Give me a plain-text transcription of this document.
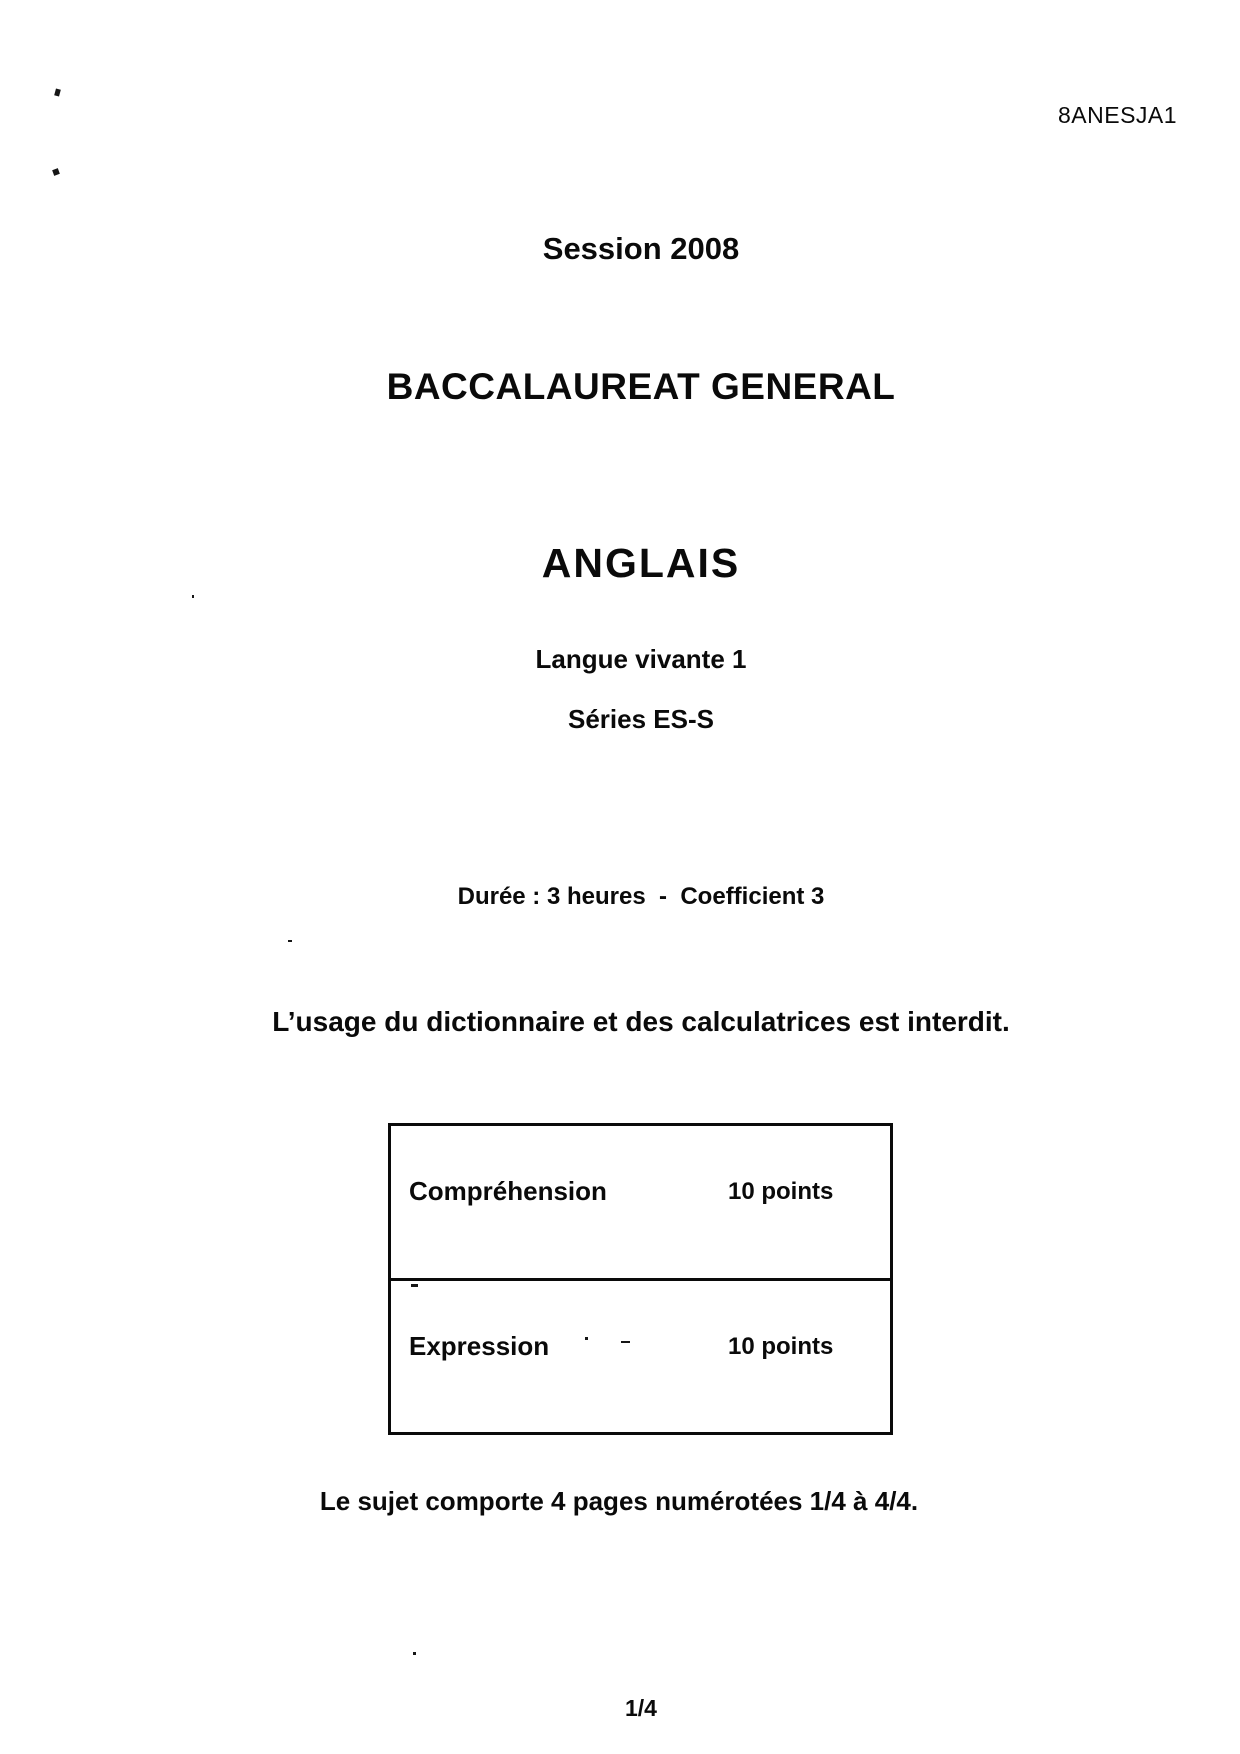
8ANESJA1
Session 2008
BACCALAUREAT GENERAL
ANGLAIS
Langue vivante 1
Séries ES-S
Durée : 3 heures  -  Coefficient 3
L’usage du dictionnaire et des calculatrices est interdit.
Compréhension	10 points
Expression	10 points
Le sujet comporte 4 pages numérotées 1/4 à 4/4.
1/4
